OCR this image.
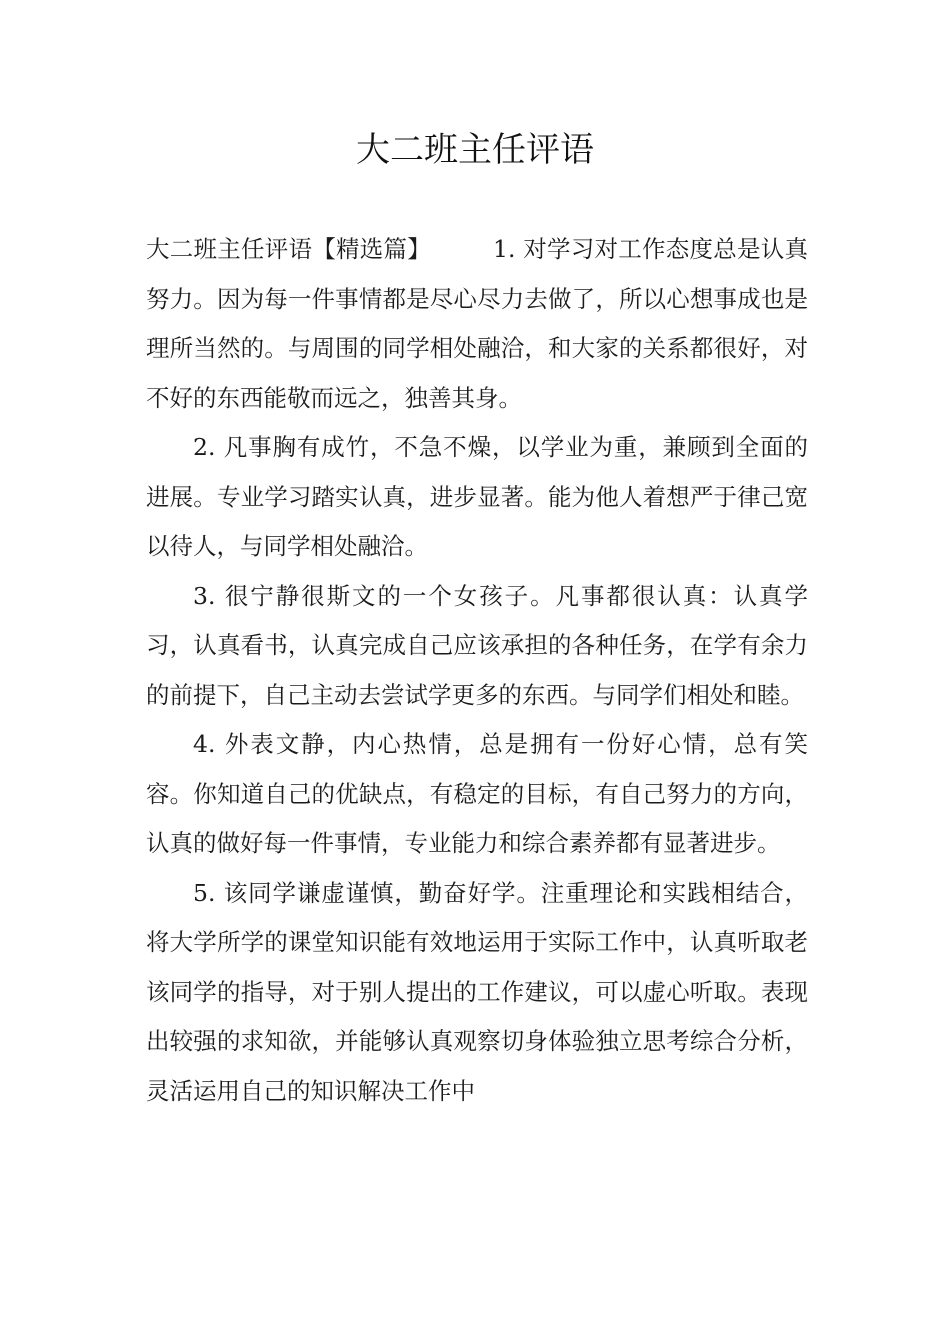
大二班主任评语

大二班主任评语【精选篇】	1. 对学习对工作态度总是认真努力。因为每一件事情都是尽心尽力去做了，所以心想事成也是理所当然的。与周围的同学相处融洽，和大家的关系都很好，对不好的东西能敬而远之，独善其身。

2. 凡事胸有成竹，不急不燥，以学业为重，兼顾到全面的进展。专业学习踏实认真，进步显著。能为他人着想严于律己宽以待人，与同学相处融洽。

3. 很宁静很斯文的一个女孩子。凡事都很认真：认真学习，认真看书，认真完成自己应该承担的各种任务，在学有余力的前提下，自己主动去尝试学更多的东西。与同学们相处和睦。

4. 外表文静，内心热情，总是拥有一份好心情，总有笑容。你知道自己的优缺点，有稳定的目标，有自己努力的方向，认真的做好每一件事情，专业能力和综合素养都有显著进步。

5. 该同学谦虚谨慎，勤奋好学。注重理论和实践相结合，将大学所学的课堂知识能有效地运用于实际工作中，认真听取老该同学的指导，对于别人提出的工作建议，可以虚心听取。表现出较强的求知欲，并能够认真观察切身体验独立思考综合分析，灵活运用自己的知识解决工作中
